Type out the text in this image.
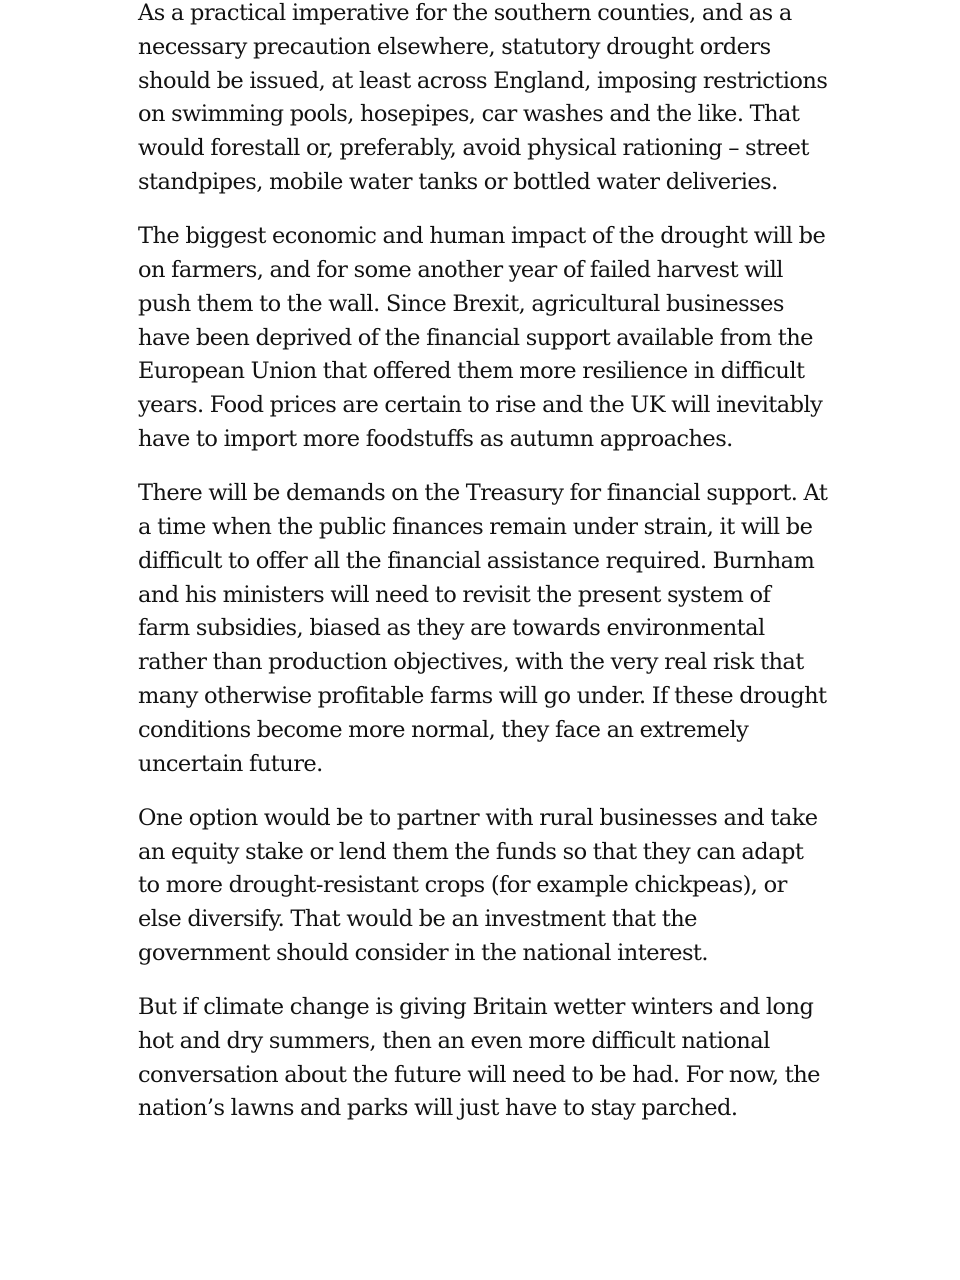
As a practical imperative for the southern counties, and as a necessary precaution elsewhere, statutory drought orders should be issued, at least across England, imposing restrictions on swimming pools, hosepipes, car washes and the like. That would forestall or, preferably, avoid physical rationing – street standpipes, mobile water tanks or bottled water deliveries.

The biggest economic and human impact of the drought will be on farmers, and for some another year of failed harvest will push them to the wall. Since Brexit, agricultural businesses have been deprived of the financial support available from the European Union that offered them more resilience in difficult years. Food prices are certain to rise and the UK will inevitably have to import more foodstuffs as autumn approaches.

There will be demands on the Treasury for financial support. At a time when the public finances remain under strain, it will be difficult to offer all the financial assistance required. Burnham and his ministers will need to revisit the present system of farm subsidies, biased as they are towards environmental rather than production objectives, with the very real risk that many otherwise profitable farms will go under. If these drought conditions become more normal, they face an extremely uncertain future.

One option would be to partner with rural businesses and take an equity stake or lend them the funds so that they can adapt to more drought-resistant crops (for example chickpeas), or else diversify. That would be an investment that the government should consider in the national interest.

But if climate change is giving Britain wetter winters and long hot and dry summers, then an even more difficult national conversation about the future will need to be had. For now, the nation’s lawns and parks will just have to stay parched.
